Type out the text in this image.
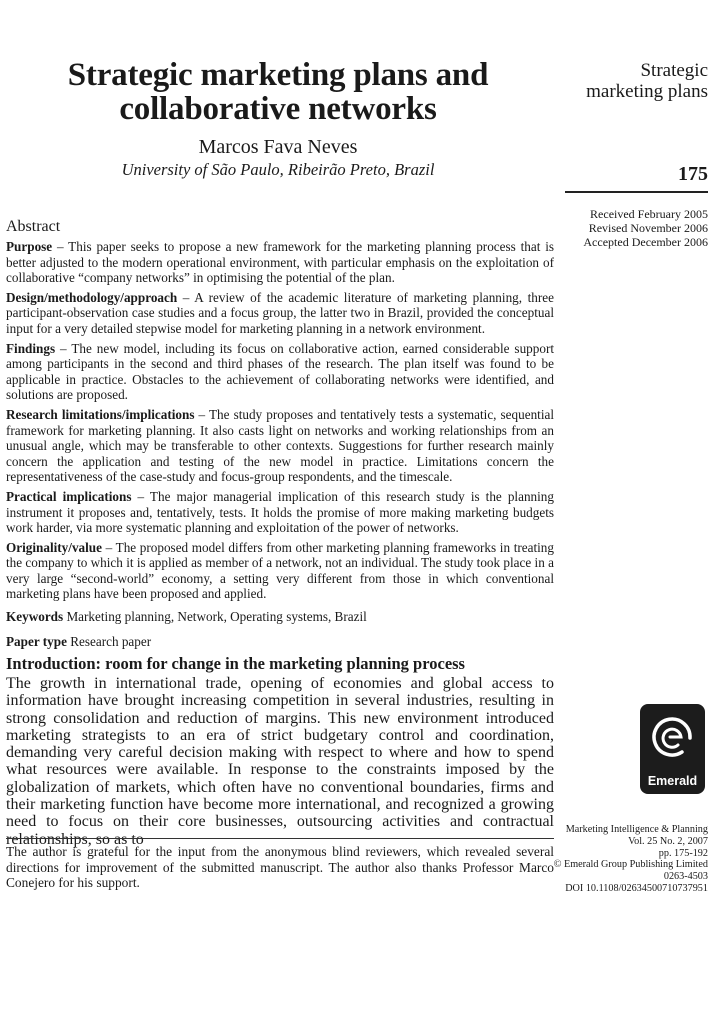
Strategic marketing plans and
collaborative networks
Marcos Fava Neves
University of São Paulo, Ribeirão Preto, Brazil
Strategic
marketing plans
175
Received February 2005
Revised November 2006
Accepted December 2006
Abstract

Purpose – This paper seeks to propose a new framework for the marketing planning process that is better adjusted to the modern operational environment, with particular emphasis on the exploitation of collaborative “company networks” in optimising the potential of the plan.

Design/methodology/approach – A review of the academic literature of marketing planning, three participant-observation case studies and a focus group, the latter two in Brazil, provided the conceptual input for a very detailed stepwise model for marketing planning in a network environment.

Findings – The new model, including its focus on collaborative action, earned considerable support among participants in the second and third phases of the research. The plan itself was found to be applicable in practice. Obstacles to the achievement of collaborating networks were identified, and solutions are proposed.

Research limitations/implications – The study proposes and tentatively tests a systematic, sequential framework for marketing planning. It also casts light on networks and working relationships from an unusual angle, which may be transferable to other contexts. Suggestions for further research mainly concern the application and testing of the new model in practice. Limitations concern the representativeness of the case-study and focus-group respondents, and the timescale.

Practical implications – The major managerial implication of this research study is the planning instrument it proposes and, tentatively, tests. It holds the promise of more making marketing budgets work harder, via more systematic planning and exploitation of the power of networks.

Originality/value – The proposed model differs from other marketing planning frameworks in treating the company to which it is applied as member of a network, not an individual. The study took place in a very large “second-world” economy, a setting very different from those in which conventional marketing plans have been proposed and applied.

Keywords Marketing planning, Network, Operating systems, Brazil

Paper type Research paper

Introduction: room for change in the marketing planning process

The growth in international trade, opening of economies and global access to information have brought increasing competition in several industries, resulting in strong consolidation and reduction of margins. This new environment introduced marketing strategists to an era of strict budgetary control and coordination, demanding very careful decision making with respect to where and how to spend what resources were available. In response to the constraints imposed by the globalization of markets, which often have no conventional boundaries, firms and their marketing function have become more international, and recognized a growing need to focus on their core businesses, outsourcing activities and contractual relationships, so as to

The author is grateful for the input from the anonymous blind reviewers, which revealed several directions for improvement of the submitted manuscript. The author also thanks Professor Marco Conejero for his support.
Emerald
Marketing Intelligence & Planning
Vol. 25 No. 2, 2007
pp. 175-192
© Emerald Group Publishing Limited
0263-4503
DOI 10.1108/02634500710737951
